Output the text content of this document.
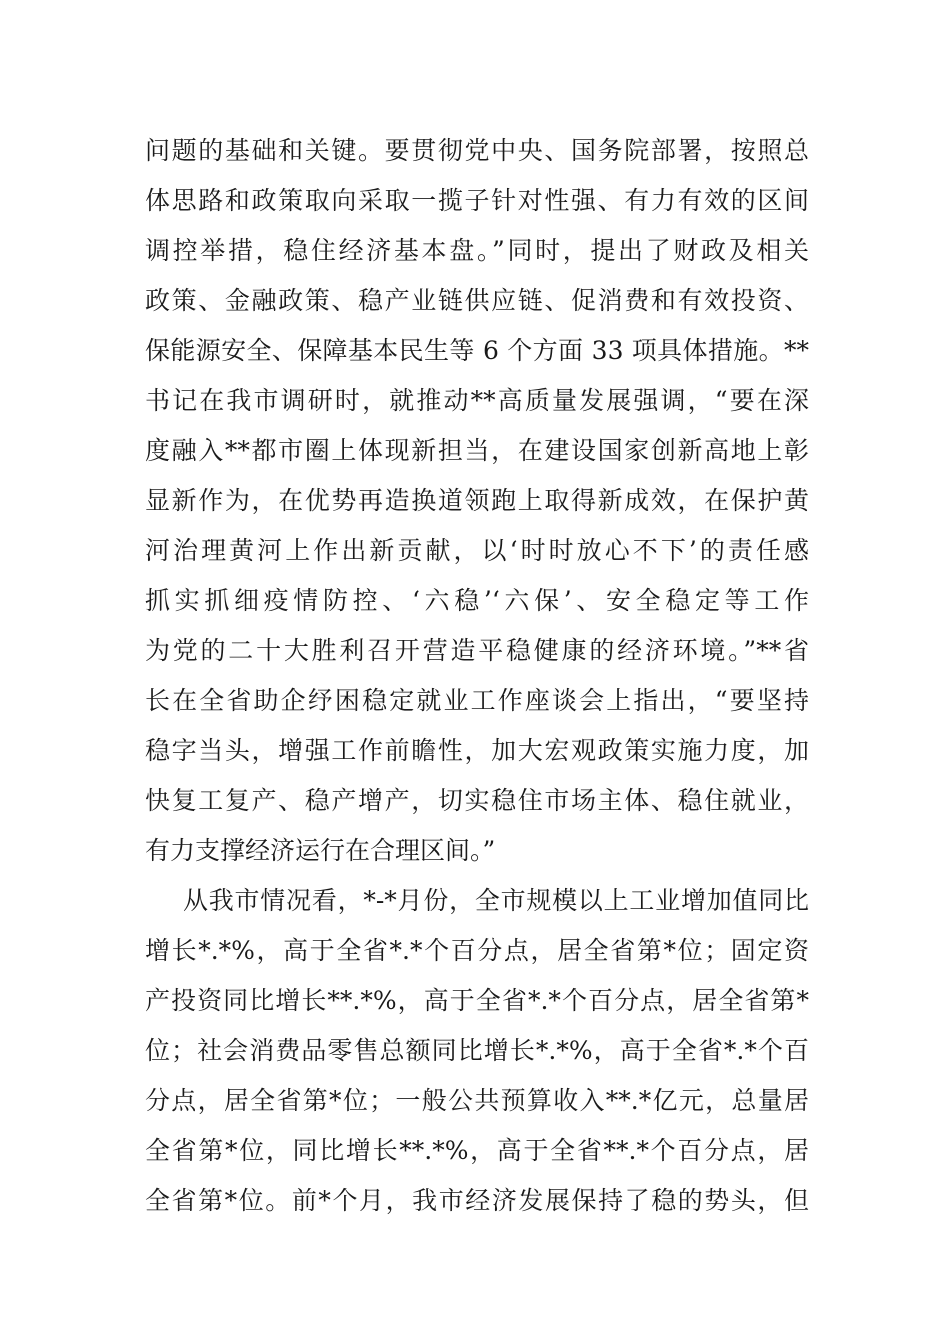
问题的基础和关键。要贯彻党中央、国务院部署，按照总
体思路和政策取向采取一揽子针对性强、有力有效的区间
调控举措，稳住经济基本盘。”同时，提出了财政及相关
政策、金融政策、稳产业链供应链、促消费和有效投资、
保能源安全、保障基本民生等 6 个方面 33 项具体措施。**
书记在我市调研时，就推动**高质量发展强调，“要在深
度融入**都市圈上体现新担当，在建设国家创新高地上彰
显新作为，在优势再造换道领跑上取得新成效，在保护黄
河治理黄河上作出新贡献，以‘时时放心不下’的责任感
抓实抓细疫情防控、‘六稳’‘六保’、安全稳定等工作
为党的二十大胜利召开营造平稳健康的经济环境。”**省
长在全省助企纾困稳定就业工作座谈会上指出，“要坚持
稳字当头，增强工作前瞻性，加大宏观政策实施力度，加
快复工复产、稳产增产，切实稳住市场主体、稳住就业，
有力支撑经济运行在合理区间。”
从我市情况看，*-*月份，全市规模以上工业增加值同比
增长*.*%，高于全省*.*个百分点，居全省第*位；固定资
产投资同比增长**.*%，高于全省*.*个百分点，居全省第*
位；社会消费品零售总额同比增长*.*%，高于全省*.*个百
分点，居全省第*位；一般公共预算收入**.*亿元，总量居
全省第*位，同比增长**.*%，高于全省**.*个百分点，居
全省第*位。前*个月，我市经济发展保持了稳的势头，但
